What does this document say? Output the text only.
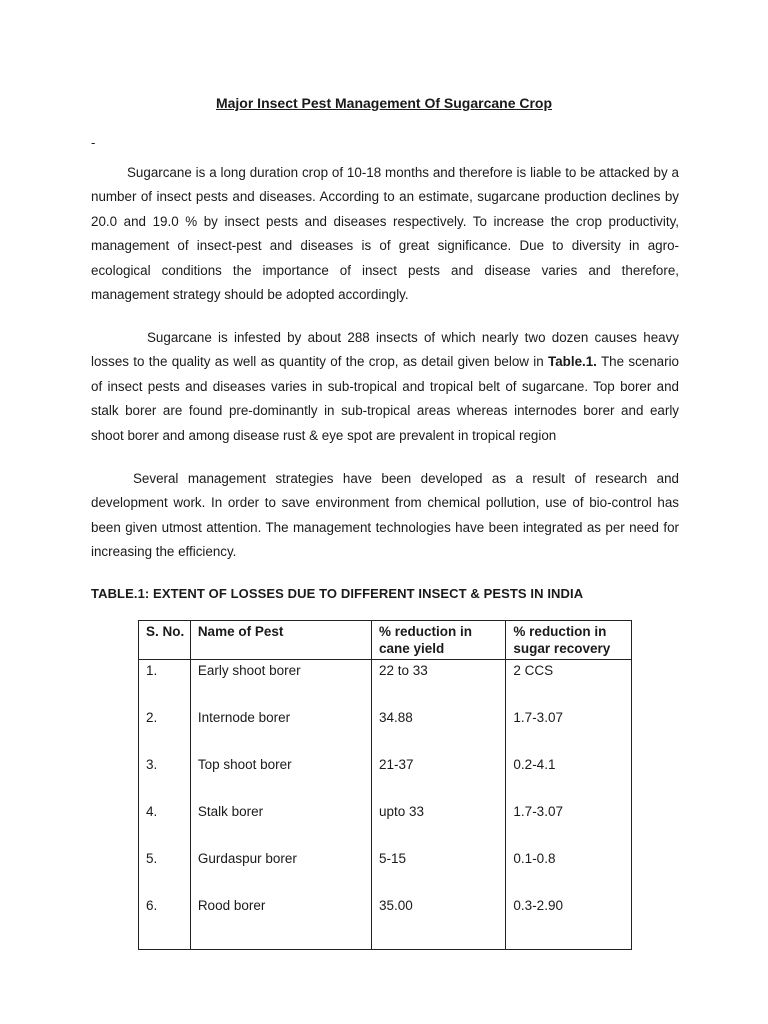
Major Insect Pest Management Of Sugarcane Crop
-

Sugarcane is a long duration crop of 10-18 months and therefore is liable to be attacked by a number of insect pests and diseases. According to an estimate, sugarcane production declines by 20.0 and 19.0 % by insect pests and diseases respectively. To increase the crop productivity, management of insect-pest and diseases is of great significance. Due to diversity in agro-ecological conditions the importance of insect pests and disease varies and therefore, management strategy should be adopted accordingly.

Sugarcane is infested by about 288 insects of which nearly two dozen causes heavy losses to the quality as well as quantity of the crop, as detail given below in Table.1. The scenario of insect pests and diseases varies in sub-tropical and tropical belt of sugarcane. Top borer and stalk borer are found pre-dominantly in sub-tropical areas whereas internodes borer and early shoot borer and among disease rust & eye spot are prevalent in tropical region

Several management strategies have been developed as a result of research and development work. In order to save environment from chemical pollution, use of bio-control has been given utmost attention. The management technologies have been integrated as per need for increasing the efficiency.

TABLE.1: EXTENT OF LOSSES DUE TO DIFFERENT INSECT & PESTS IN INDIA
S. No.	Name of Pest	% reduction in cane yield	% reduction in sugar recovery
1.	Early shoot borer	22 to 33	2 CCS
2.	Internode borer	34.88	1.7-3.07
3.	Top shoot borer	21-37	0.2-4.1
4.	Stalk borer	upto 33	1.7-3.07
5.	Gurdaspur borer	5-15	0.1-0.8
6.	Rood borer	35.00	0.3-2.90
